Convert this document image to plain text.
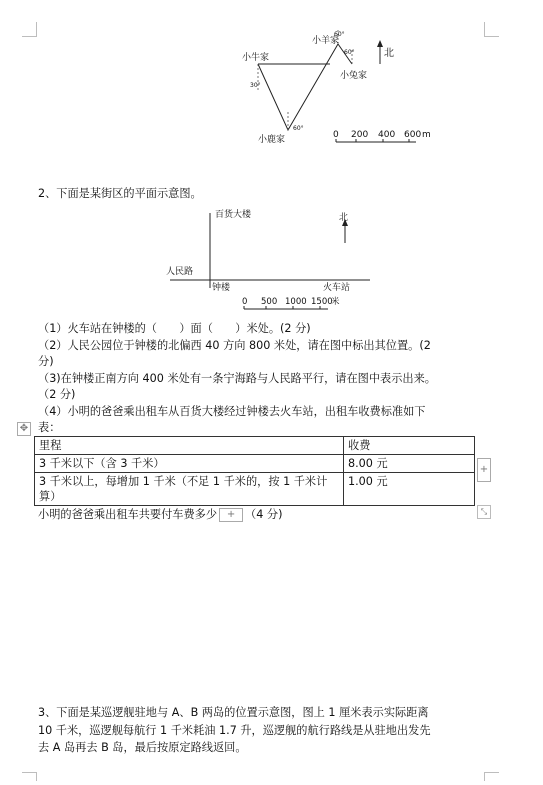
小牛家
小羊家
小兔家
小鹿家
30°
60°
60°
60°
北
0 200 400 600 m
2、下面是某街区的平面示意图。
北
百货大楼
人民路
钟楼	火车站
0 500 1000 1500
米
（1）火车站在钟楼的（　　）面（　　）米处。(2 分)
（2）人民公园位于钟楼的北偏西 40 方向 800 米处，请在图中标出其位置。(2
分)
（3)在钟楼正南方向 400 米处有一条宁海路与人民路平行，请在图中表示出来。
（2 分)
（4）小明的爸爸乘出租车从百货大楼经过钟楼去火车站，出租车收费标准如下
表：
✥
里程	收费
3 千米以下（含 3 千米）	8.00 元
3 千米以上，每增加 1 千米（不足 1 千米的，按 1 千米计算）	1.00 元
+
⤡
小明的爸爸乘出租车共要付车费多少 + （4 分)
3、下面是某巡逻舰驻地与 A、B 两岛的位置示意图，图上 1 厘米表示实际距离
10 千米，巡逻舰每航行 1 千米耗油 1.7 升，巡逻舰的航行路线是从驻地出发先
去 A 岛再去 B 岛，最后按原定路线返回。
